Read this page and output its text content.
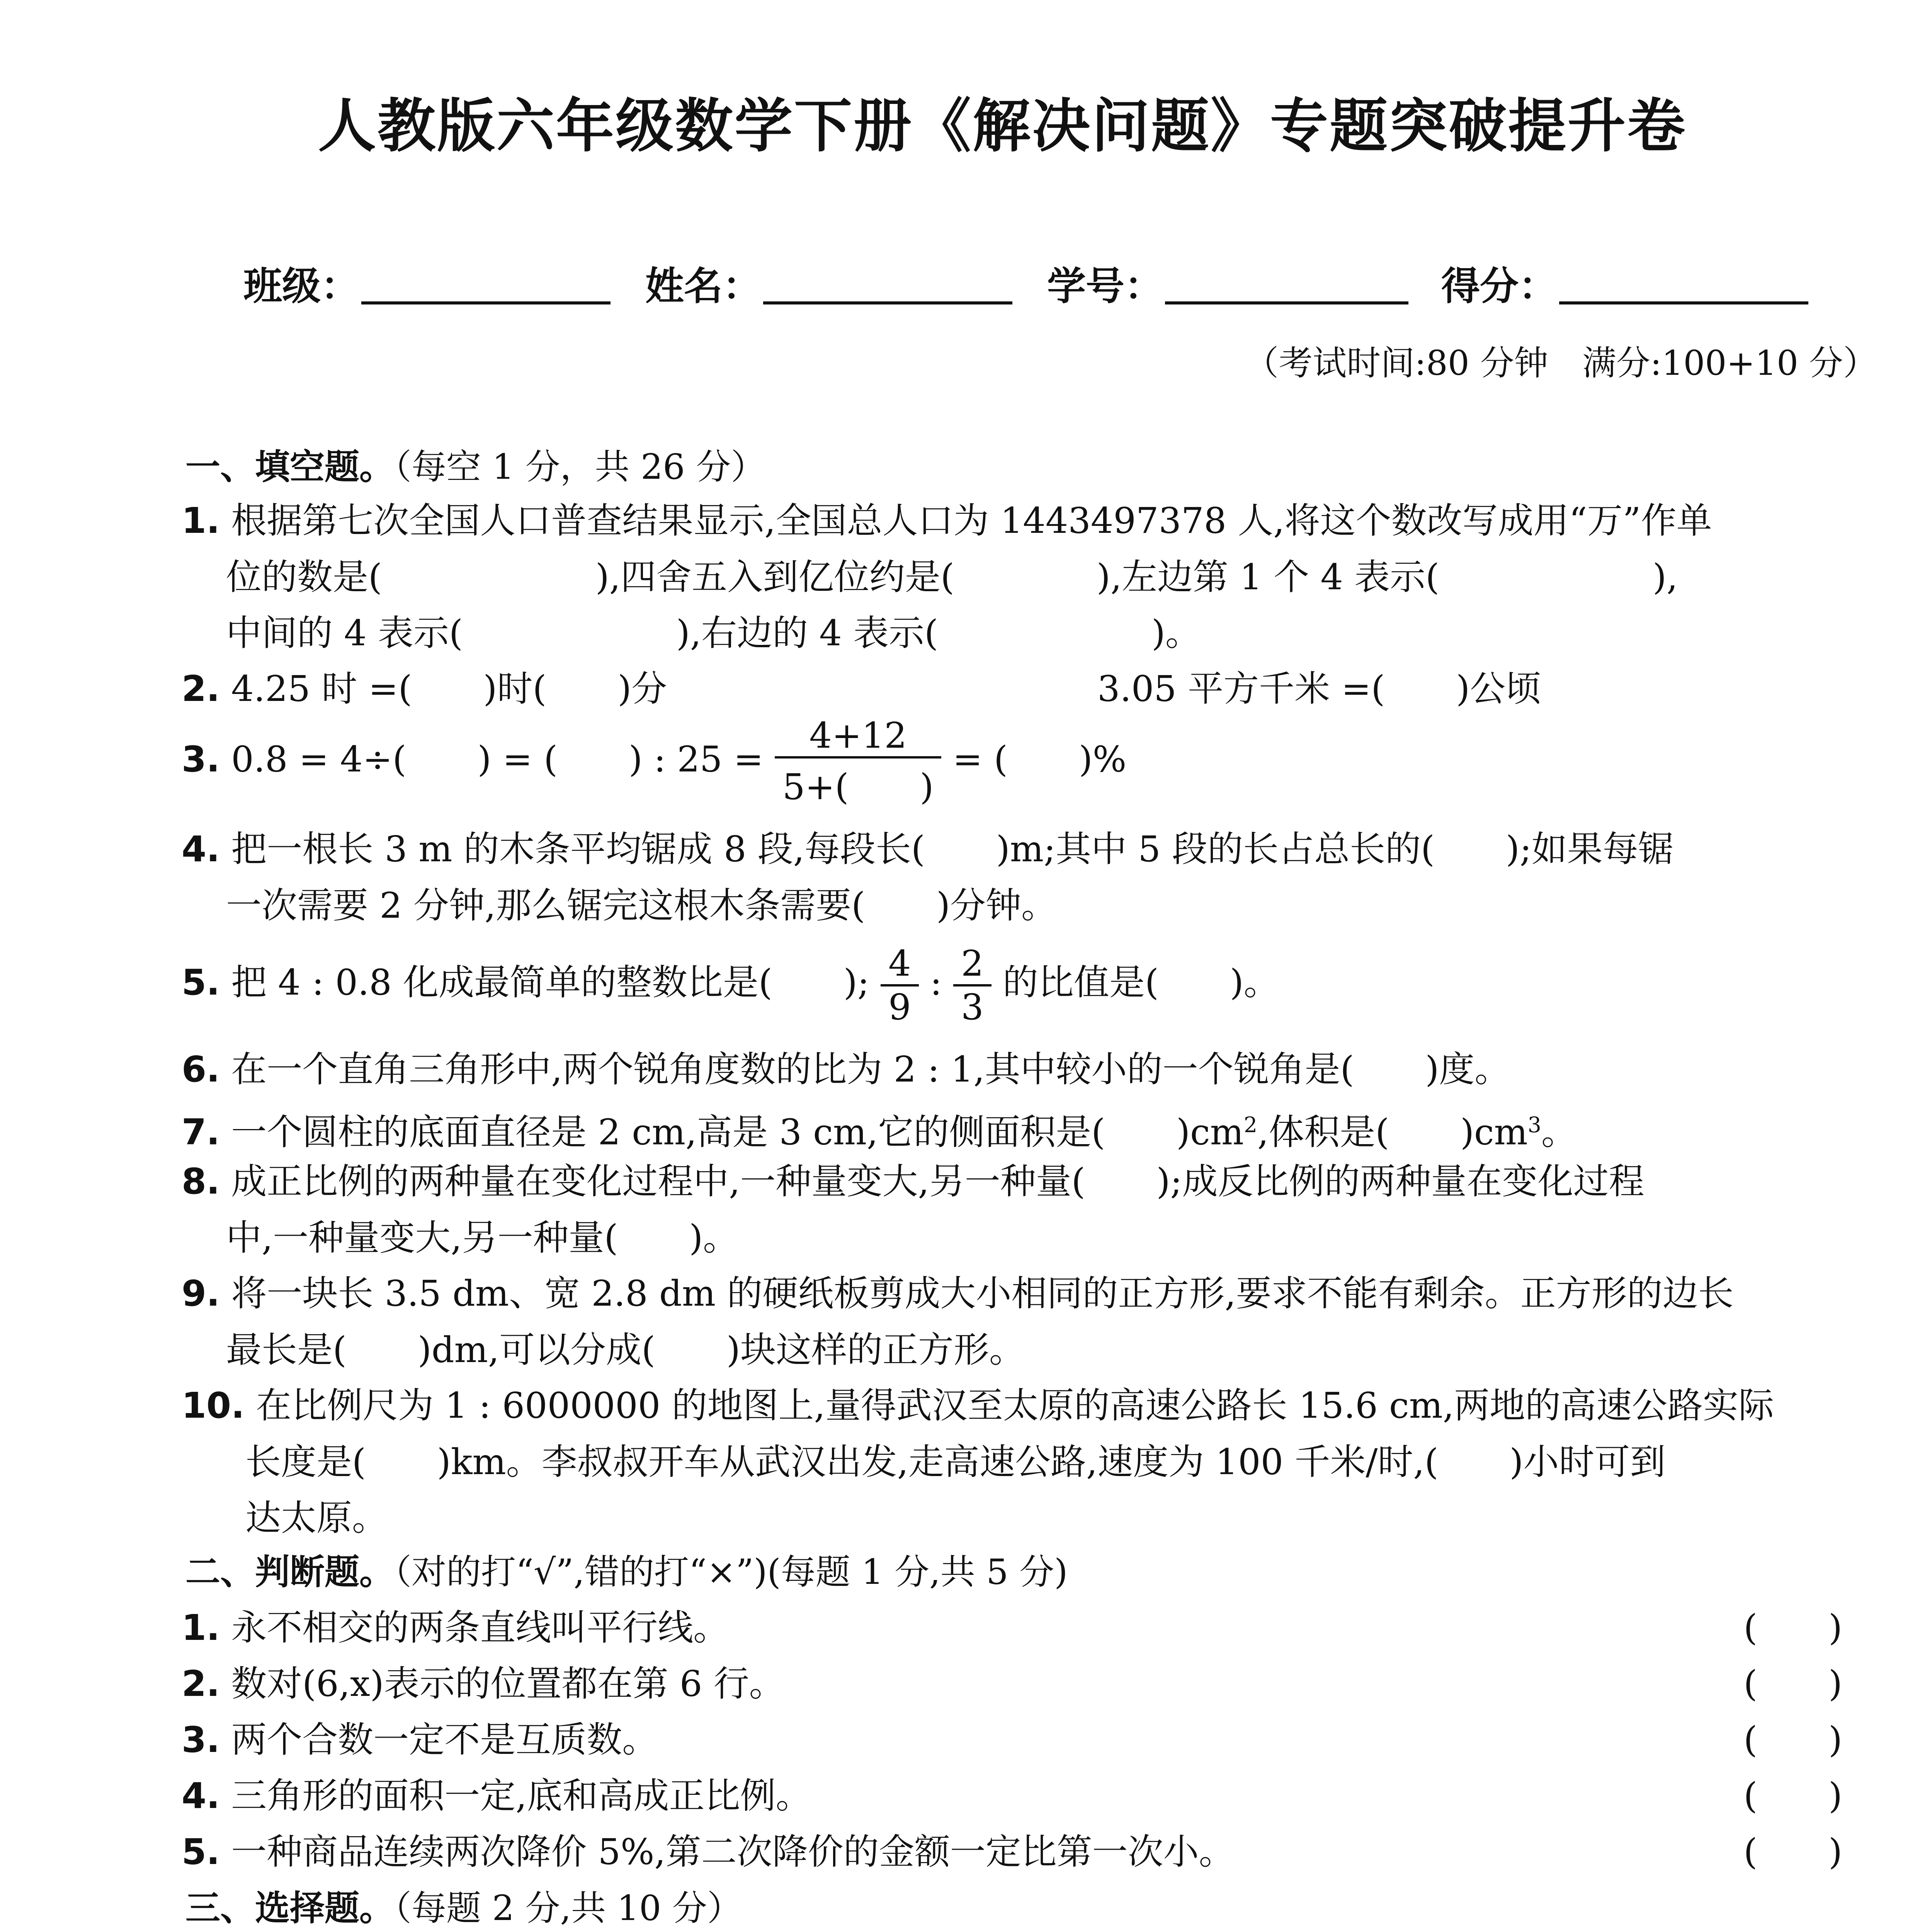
人教版六年级数学下册《解决问题》专题突破提升卷
班级：	姓名：	学号：	得分：
（考试时间:80 分钟　满分:100+10 分）
一、填空题。（每空 1 分，共 26 分）
1. 根据第七次全国人口普查结果显示,全国总人口为 1443497378 人,将这个数改写成用“万”作单
位的数是(　　　　　　),四舍五入到亿位约是(　　　　),左边第 1 个 4 表示(　　　　　　),
中间的 4 表示(　　　　　　),右边的 4 表示(　　　　　　)。
2. 4.25 时 =(　　)时(　　)分	3.05 平方千米 =(　　)公顷
3. 0.8 = 4÷(　　) = (　　) : $25 = \frac{4+12}{5+( )}$ = (　　)%
4. 把一根长 3 m 的木条平均锯成 8 段,每段长(　　)m;其中 5 段的长占总长的(　　);如果每锯
一次需要 2 分钟,那么锯完这根木条需要(　　)分钟。
5. 把 4 : 0.8 化成最简单的整数比是(　　); $\frac{4}{9}$ : $\frac{2}{3}$ 的比值是(　　)。
6. 在一个直角三角形中,两个锐角度数的比为 2 : 1,其中较小的一个锐角是(　　)度。
7. 一个圆柱的底面直径是 2 cm,高是 3 cm,它的侧面积是(　　)$cm^2$,体积是(　　)$cm^3$。
8. 成正比例的两种量在变化过程中,一种量变大,另一种量(　　);成反比例的两种量在变化过程
中,一种量变大,另一种量(　　)。
9. 将一块长 3.5 dm、宽 2.8 dm 的硬纸板剪成大小相同的正方形,要求不能有剩余。正方形的边长
最长是(　　)dm,可以分成(　　)块这样的正方形。
10. 在比例尺为 1 : 6000000 的地图上,量得武汉至太原的高速公路长 15.6 cm,两地的高速公路实际
长度是(　　)km。李叔叔开车从武汉出发,走高速公路,速度为 100 千米/时,(　　)小时可到
达太原。
二、判断题。（对的打“√”,错的打“×”)(每题 1 分,共 5 分)
1. 永不相交的两条直线叫平行线。	(　　)
2. 数对(6,x)表示的位置都在第 6 行。	(　　)
3. 两个合数一定不是互质数。	(　　)
4. 三角形的面积一定,底和高成正比例。	(　　)
5. 一种商品连续两次降价 5%,第二次降价的金额一定比第一次小。	(　　)
三、选择题。（每题 2 分,共 10 分）
